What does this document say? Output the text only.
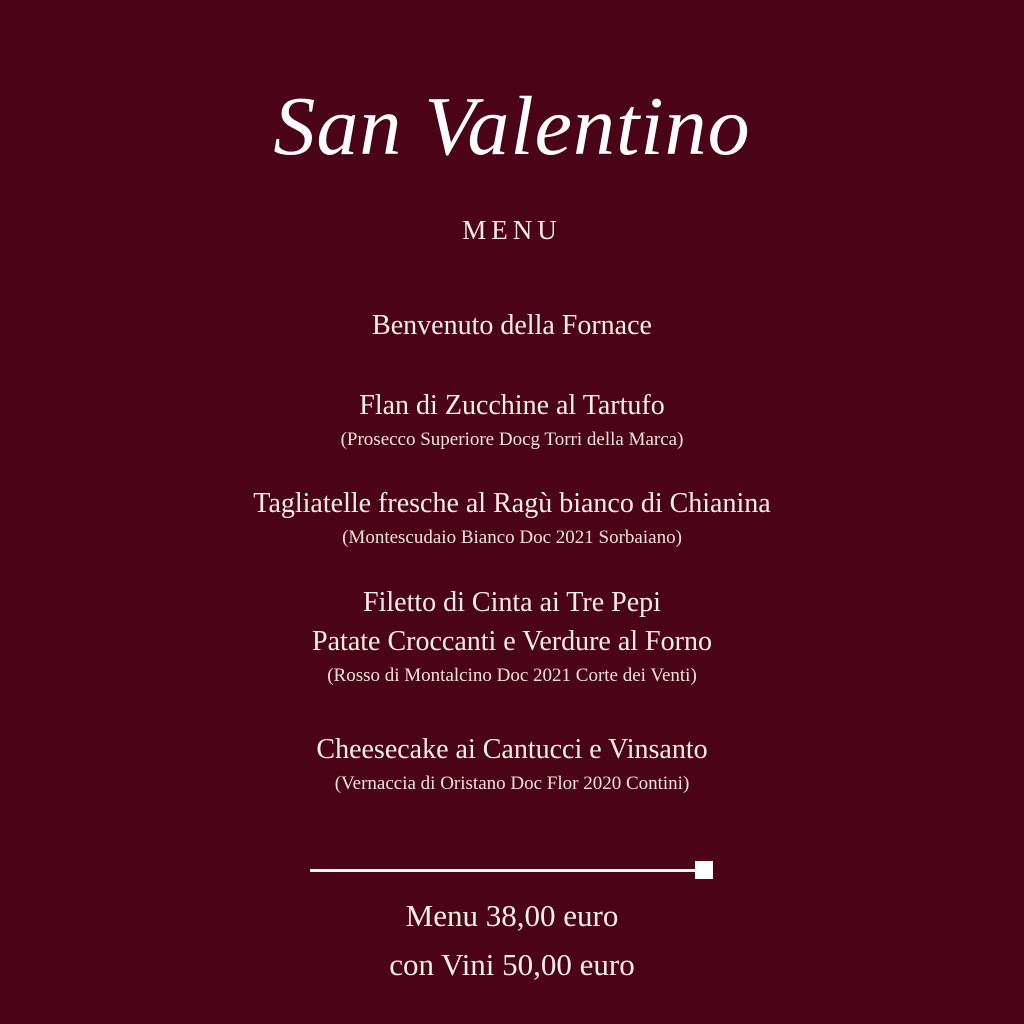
San Valentino
MENU
Benvenuto della Fornace
Flan di Zucchine al Tartufo
(Prosecco Superiore Docg Torri della Marca)
Tagliatelle fresche al Ragù bianco di Chianina
(Montescudaio Bianco Doc 2021 Sorbaiano)
Filetto di Cinta ai Tre Pepi
Patate Croccanti e Verdure al Forno
(Rosso di Montalcino Doc 2021 Corte dei Venti)
Cheesecake ai Cantucci e Vinsanto
(Vernaccia di Oristano Doc Flor 2020 Contini)
Menu 38,00 euro
con Vini 50,00 euro
